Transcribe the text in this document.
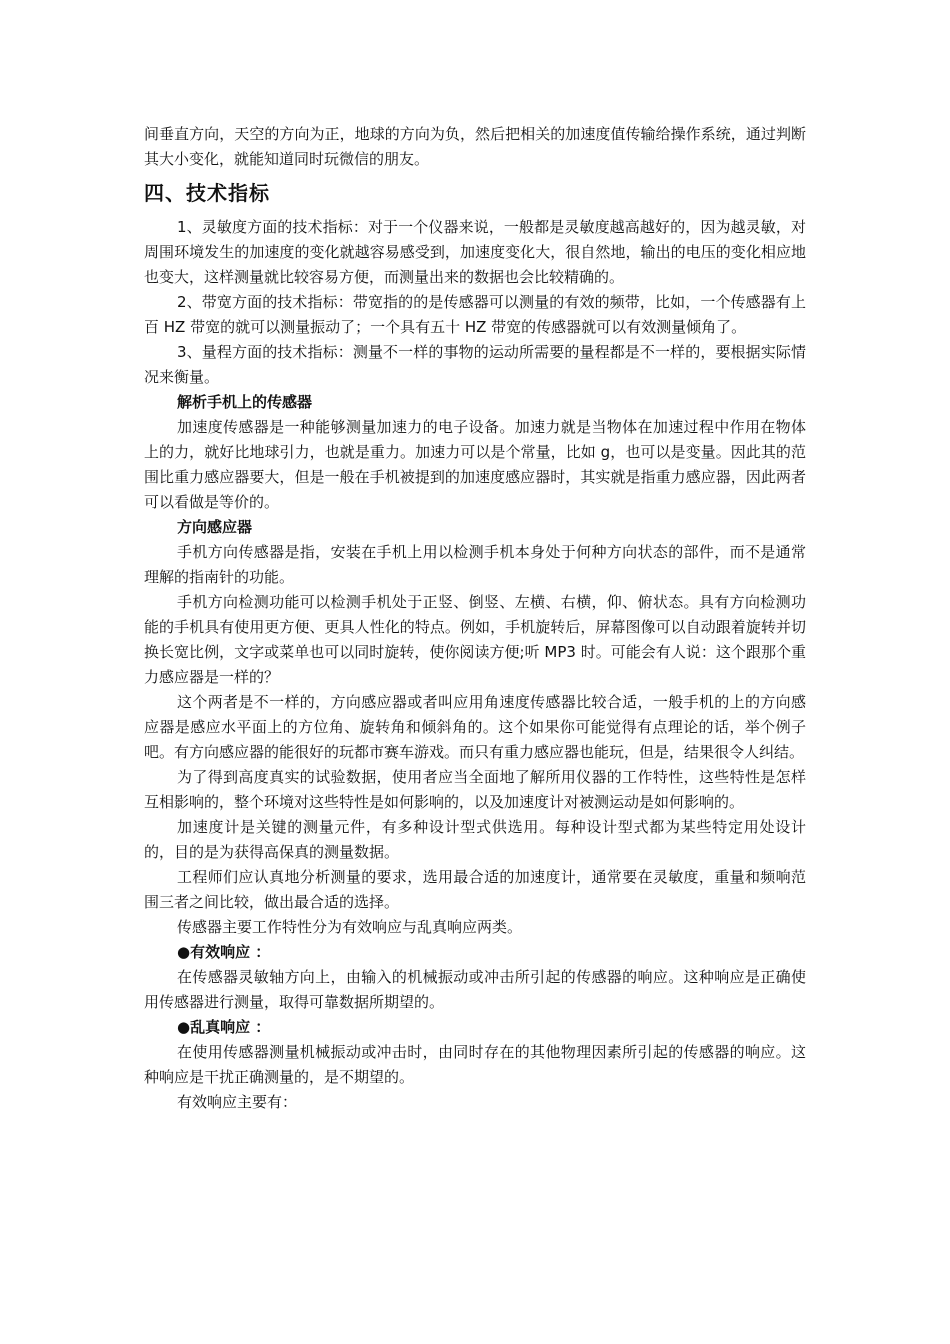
间垂直方向，天空的方向为正，地球的方向为负，然后把相关的加速度值传输给操作系统，通过判断其大小变化，就能知道同时玩微信的朋友。

四、技术指标

1、灵敏度方面的技术指标：对于一个仪器来说，一般都是灵敏度越高越好的，因为越灵敏，对周围环境发生的加速度的变化就越容易感受到，加速度变化大，很自然地，输出的电压的变化相应地也变大，这样测量就比较容易方便，而测量出来的数据也会比较精确的。

2、带宽方面的技术指标：带宽指的的是传感器可以测量的有效的频带，比如，一个传感器有上百 HZ 带宽的就可以测量振动了；一个具有五十 HZ 带宽的传感器就可以有效测量倾角了。

3、量程方面的技术指标：测量不一样的事物的运动所需要的量程都是不一样的，要根据实际情况来衡量。

解析手机上的传感器

加速度传感器是一种能够测量加速力的电子设备。加速力就是当物体在加速过程中作用在物体上的力，就好比地球引力，也就是重力。加速力可以是个常量，比如 g，也可以是变量。因此其的范围比重力感应器要大，但是一般在手机被提到的加速度感应器时，其实就是指重力感应器，因此两者可以看做是等价的。

方向感应器

手机方向传感器是指，安装在手机上用以检测手机本身处于何种方向状态的部件，而不是通常理解的指南针的功能。

手机方向检测功能可以检测手机处于正竖、倒竖、左横、右横，仰、俯状态。具有方向检测功能的手机具有使用更方便、更具人性化的特点。例如，手机旋转后，屏幕图像可以自动跟着旋转并切换长宽比例，文字或菜单也可以同时旋转，使你阅读方便;听 MP3 时。可能会有人说：这个跟那个重力感应器是一样的？

这个两者是不一样的，方向感应器或者叫应用角速度传感器比较合适，一般手机的上的方向感应器是感应水平面上的方位角、旋转角和倾斜角的。这个如果你可能觉得有点理论的话，举个例子吧。有方向感应器的能很好的玩都市赛车游戏。而只有重力感应器也能玩，但是，结果很令人纠结。

为了得到高度真实的试验数据，使用者应当全面地了解所用仪器的工作特性，这些特性是怎样互相影响的，整个环境对这些特性是如何影响的，以及加速度计对被测运动是如何影响的。

加速度计是关键的测量元件，有多种设计型式供选用。每种设计型式都为某些特定用处设计的，目的是为获得高保真的测量数据。

工程师们应认真地分析测量的要求，选用最合适的加速度计，通常要在灵敏度，重量和频响范围三者之间比较，做出最合适的选择。

传感器主要工作特性分为有效响应与乱真响应两类。

●有效响应 ：

在传感器灵敏轴方向上，由输入的机械振动或冲击所引起的传感器的响应。这种响应是正确使用传感器进行测量，取得可靠数据所期望的。

●乱真响应 ：

在使用传感器测量机械振动或冲击时，由同时存在的其他物理因素所引起的传感器的响应。这种响应是干扰正确测量的，是不期望的。

有效响应主要有：
